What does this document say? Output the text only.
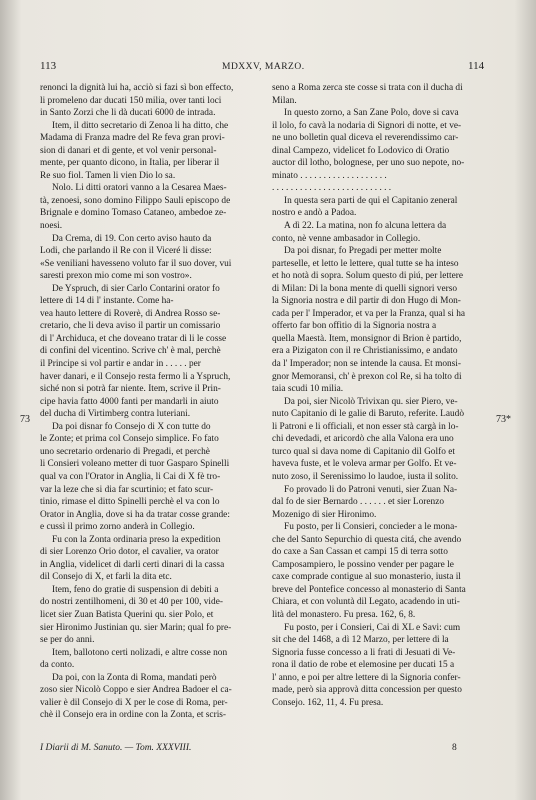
113	MDXXV, MARZO.	114
renonci la dignità lui ha, acciò si fazi sì bon effecto,
li promeleno dar ducati 150 milia, over tanti loci
in Santo Zorzi che li dà ducati 6000 de intrada.
Item, il ditto secretario di Zenoa li ha ditto, che
Madama di Franza madre del Re feva gran provi-
sion di danari et di gente, et vol venir personal-
mente, per quanto dicono, in Italia, per liberar il
Re suo fiol. Tamen li vien Dio lo sa.
Nolo. Li ditti oratori vanno a la Cesarea Maes-
tà, zenoesi, sono domino Filippo Sauli episcopo de
Brignale e domino Tomaso Cataneo, ambedoe ze-
noesi.
Da Crema, di 19. Con certo aviso hauto da
Lodi, che parlando il Re con il Viceré li disse:
«Se veniliani havesseno voluto far il suo dover, vui
saresti prexon mio come mi son vostro».
De Yspruch, di sier Carlo Contarini orator fo
lettere di 14 di l' instante. Come ha-
vea hauto lettere di Roverè, di Andrea Rosso se-
cretario, che li deva aviso il partir un comissario
di l' Archiduca, et che doveano tratar di li le cosse
di confini del vicentino. Scrive ch' è mal, perchè
il Principe si vol partir e andar in . . . . . per
haver danari, e il Consejo resta fermo li a Yspruch,
siché non si potrà far niente. Item, scrive il Prin-
cipe havia fatto 4000 fanti per mandarli in aiuto
del ducha di Virtimberg contra luteriani.
Da poi disnar fo Consejo di X con tutte do
le Zonte; et prima col Consejo simplice. Fo fato
uno secretario ordenario di Pregadi, et perchè
li Consieri voleano metter di tuor Gasparo Spinelli
qual va con l'Orator in Anglia, li Cai di X fè tro-
var la leze che si dia far scurtinio; et fato scur-
tinio, rimase el ditto Spinelli perchè el va con lo
Orator in Anglia, dove si ha da tratar cosse grande:
e cussì il primo zorno anderà in Collegio.
Fu con la Zonta ordinaria preso la expedition
di sier Lorenzo Orio dotor, el cavalier, va orator
in Anglia, videlicet di darli certi dinari di la cassa
dil Consejo di X, et farli la dita etc.
Item, feno do gratie di suspension di debiti a
do nostri zentilhomeni, di 30 et 40 per 100, vide-
licet sier Zuan Batista Querini qu. sier Polo, et
sier Hironimo Justinian qu. sier Marin; qual fo pre-
se per do anni.
Item, ballotono certi nolizadi, e altre cosse non
da conto.
Da poi, con la Zonta di Roma, mandati però
zoso sier Nicolò Coppo e sier Andrea Badoer el ca-
valier è dil Consejo di X per le cose di Roma, per-
chè il Consejo era in ordine con la Zonta, et scris-
seno a Roma zerca ste cosse si trata con il ducha di
Milan.
In questo zorno, a San Zane Polo, dove si cava
il lolo, fo cavà la nodaria di Signori di notte, et ve-
ne uno bolletin qual diceva el reverendissimo car-
dinal Campezo, videlicet fo Lodovico di Oratio
auctor dil lotho, bolognese, per uno suo nepote, no-
minato . . . . . . . . . . . . . . . . . . .
. . . . . . . . . . . . . . . . . . . . . . . . . .
In questa sera parti de qui el Capitanio zeneral
nostro e andò a Padoa.
A dì 22. La matina, non fo alcuna lettera da
conto, nè venne ambasador in Collegio.
Da poi disnar, fo Pregadi per metter molte
parteselle, et letto le lettere, qual tutte se ha inteso
et ho notà di sopra. Solum questo di piú, per lettere
di Milan: Di la bona mente di quelli signori verso
la Signoria nostra e dil partir di don Hugo di Mon-
cada per l' Imperador, et va per la Franza, qual si ha
offerto far bon offitio di la Signoria nostra a
quella Maestà. Item, monsignor di Brion è partido,
era a Pizigaton con il re Christianissimo, e andato
da l' Imperador; non se intende la causa. Et monsi-
gnor Memoransi, ch' è prexon col Re, si ha tolto di
taia scudi 10 milia.
Da poi, sier Nicolò Trivixan qu. sier Piero, ve-
nuto Capitanio di le galie di Baruto, referite. Laudò
li Patroni e li officiali, et non esser stà cargà in lo-
chi devedadi, et aricordò che alla Valona era uno
turco qual si dava nome di Capitanio dil Golfo et
haveva fuste, et le voleva armar per Golfo. Et ve-
nuto zoso, il Serenissimo lo laudoe, iusta il solito.
Fo provado li do Patroni venuti, sier Zuan Na-
dal fo de sier Bernardo . . . . . . et sier Lorenzo
Mozenigo di sier Hironimo.
Fu posto, per li Consieri, concieder a le mona-
che del Santo Sepurchio di questa citá, che avendo
do caxe a San Cassan et campi 15 di terra sotto
Camposampiero, le possino vender per pagare le
caxe comprade contigue al suo monasterio, iusta il
breve del Pontefice concesso al monasterio di Santa
Chiara, et con voluntà dil Legato, acadendo in uti-
lità del monastero. Fu presa. 162, 6, 8.
Fu posto, per i Consieri, Cai di XL e Savi: cum
sit che del 1468, a dì 12 Marzo, per lettere di la
Signoria fusse concesso a li frati di Jesuati di Ve-
rona il datio de robe et elemosine per ducati 15 a
l' anno, e poi per altre lettere di la Signoria confer-
made, però sia approvà ditta concession per questo
Consejo. 162, 11, 4. Fu presa.
73	73*
I Diarii di M. Sanuto. — Tom. XXXVIII.	8
